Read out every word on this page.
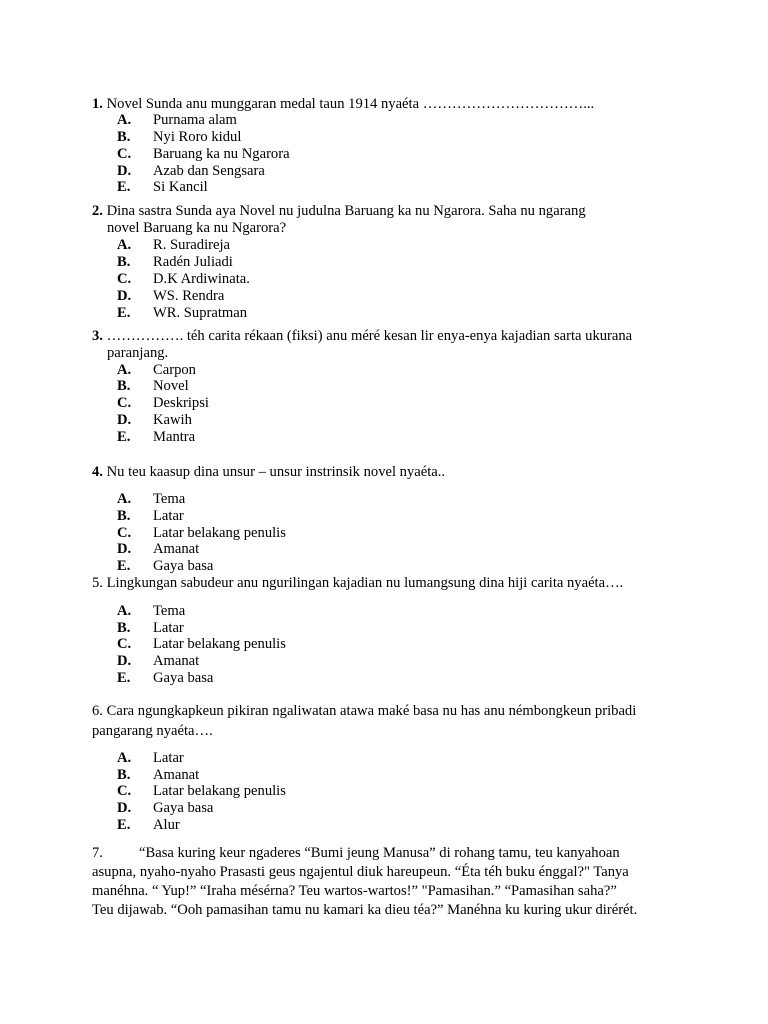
1. Novel Sunda anu munggaran medal taun 1914 nyaéta ……………………………...
A. Purnama alam
B. Nyi Roro kidul
C. Baruang ka nu Ngarora
D. Azab dan Sengsara
E. Si Kancil
2. Dina sastra Sunda aya Novel nu judulna Baruang ka nu Ngarora. Saha nu ngarang
novel Baruang ka nu Ngarora?
A. R. Suradireja
B. Radén Juliadi
C. D.K Ardiwinata.
D. WS. Rendra
E. WR. Supratman
3. ……………. téh carita rékaan (fiksi) anu méré kesan lir enya-enya kajadian sarta ukurana
paranjang.
A. Carpon
B. Novel
C. Deskripsi
D. Kawih
E. Mantra
4. Nu teu kaasup dina unsur – unsur instrinsik novel nyaéta..
A. Tema
B. Latar
C. Latar belakang penulis
D. Amanat
E. Gaya basa
5. Lingkungan sabudeur anu ngurilingan kajadian nu lumangsung dina hiji carita nyaéta….
A. Tema
B. Latar
C. Latar belakang penulis
D. Amanat
E. Gaya basa
6. Cara ngungkapkeun pikiran ngaliwatan atawa maké basa nu has anu némbongkeun pribadi
pangarang nyaéta….
A. Latar
B. Amanat
C. Latar belakang penulis
D. Gaya basa
E. Alur
7. “Basa kuring keur ngaderes “Bumi jeung Manusa” di rohang tamu, teu kanyahoan
asupna, nyaho-nyaho Prasasti geus ngajentul diuk hareupeun. “Éta téh buku énggal?" Tanya
manéhna. “ Yup!” “Iraha mésérna? Teu wartos-wartos!” "Pamasihan.” “Pamasihan saha?”
Teu dijawab. “Ooh pamasihan tamu nu kamari ka dieu téa?” Manéhna ku kuring ukur dirérét.
